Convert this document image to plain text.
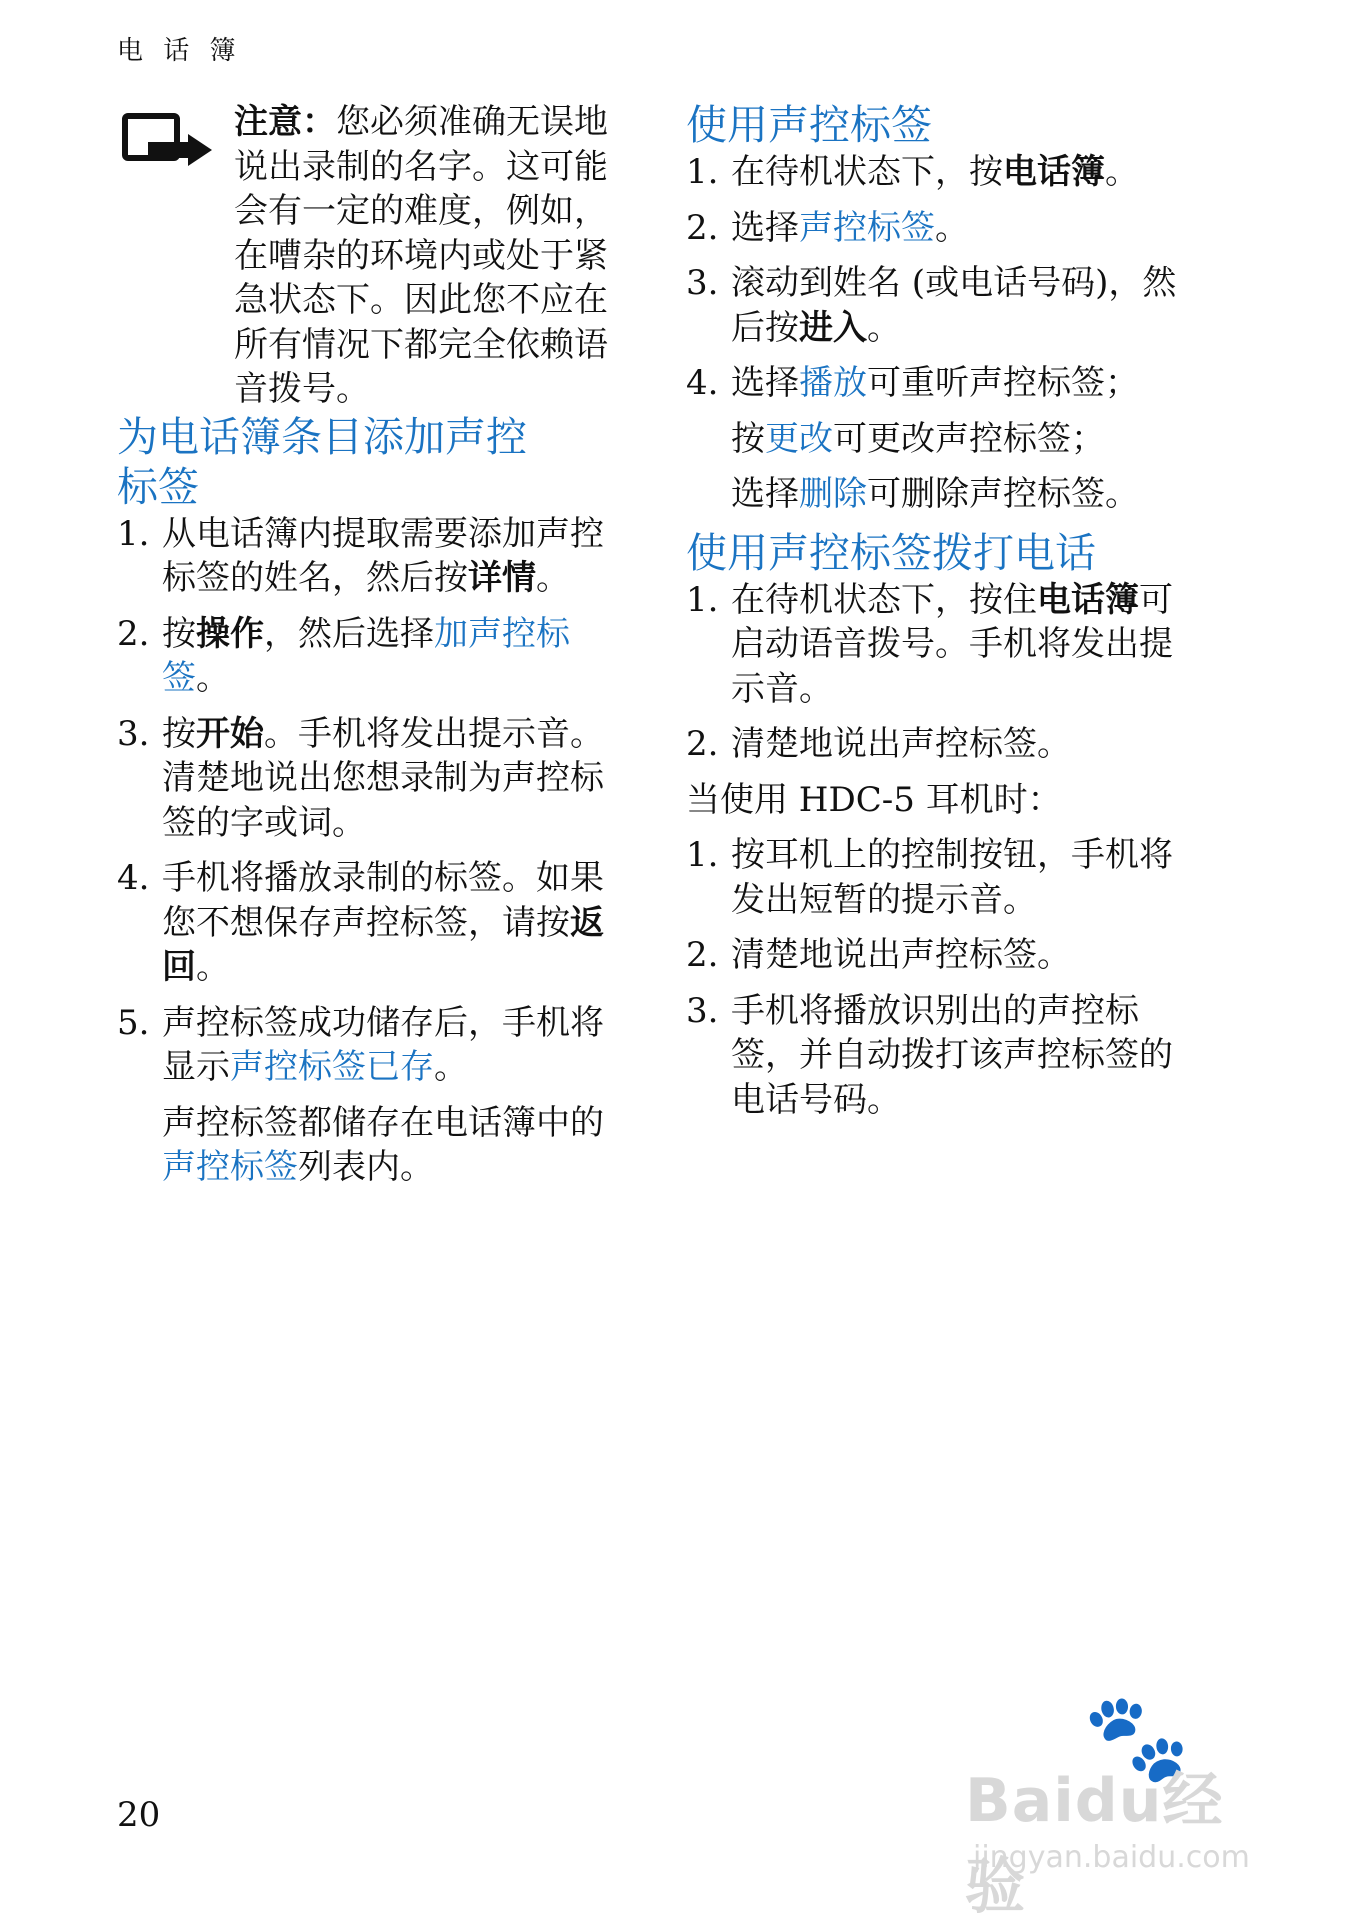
电 话 簿
注意：您必须准确无误地说出录制的名字。这可能会有一定的难度，例如，在嘈杂的环境内或处于紧急状态下。因此您不应在所有情况下都完全依赖语音拨号。
为电话簿条目添加声控标签
1. 从电话簿内提取需要添加声控标签的姓名，然后按详情。
2. 按操作，然后选择加声控标签。
3. 按开始。手机将发出提示音。清楚地说出您想录制为声控标签的字或词。
4. 手机将播放录制的标签。如果您不想保存声控标签，请按返回。
5. 声控标签成功储存后，手机将显示声控标签已存。
声控标签都储存在电话簿中的声控标签列表内。
使用声控标签
1. 在待机状态下，按电话簿。
2. 选择声控标签。
3. 滚动到姓名 (或电话号码)，然后按进入。
4. 选择播放可重听声控标签；
按更改可更改声控标签；
选择删除可删除声控标签。
使用声控标签拨打电话
1. 在待机状态下，按住电话簿可启动语音拨号。手机将发出提示音。
2. 清楚地说出声控标签。
当使用 HDC-5 耳机时：
1. 按耳机上的控制按钮，手机将发出短暂的提示音。
2. 清楚地说出声控标签。
3. 手机将播放识别出的声控标签，并自动拨打该声控标签的电话号码。
20
🐾
Baidu经验
jingyan.baidu.com
